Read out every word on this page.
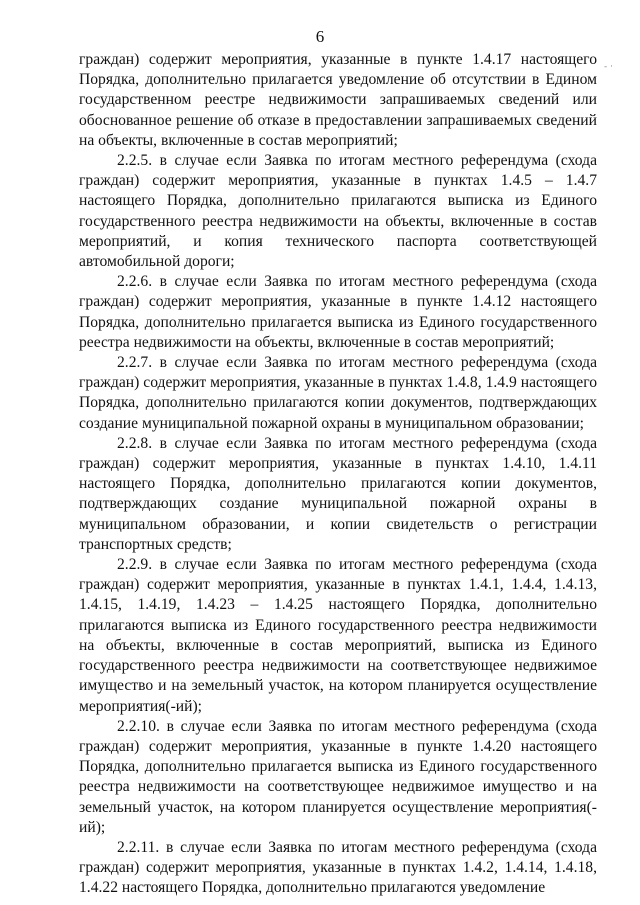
6
- ·

граждан) содержит мероприятия, указанные в пункте 1.4.17 настоящего Порядка, дополнительно прилагается уведомление об отсутствии в Едином государственном реестре недвижимости запрашиваемых сведений или обоснованное решение об отказе в предоставлении запрашиваемых сведений на объекты, включенные в состав мероприятий;

2.2.5. в случае если Заявка по итогам местного референдума (схода граждан) содержит мероприятия, указанные в пунктах 1.4.5 – 1.4.7 настоящего Порядка, дополнительно прилагаются выписка из Единого государственного реестра недвижимости на объекты, включенные в состав мероприятий, и копия технического паспорта соответствующей автомобильной дороги;

2.2.6. в случае если Заявка по итогам местного референдума (схода граждан) содержит мероприятия, указанные в пункте 1.4.12 настоящего Порядка, дополнительно прилагается выписка из Единого государственного реестра недвижимости на объекты, включенные в состав мероприятий;

2.2.7. в случае если Заявка по итогам местного референдума (схода граждан) содержит мероприятия, указанные в пунктах 1.4.8, 1.4.9 настоящего Порядка, дополнительно прилагаются копии документов, подтверждающих создание муниципальной пожарной охраны в муниципальном образовании;

2.2.8. в случае если Заявка по итогам местного референдума (схода граждан) содержит мероприятия, указанные в пунктах 1.4.10, 1.4.11 настоящего Порядка, дополнительно прилагаются копии документов, подтверждающих создание муниципальной пожарной охраны в муниципальном образовании, и копии свидетельств о регистрации транспортных средств;

2.2.9. в случае если Заявка по итогам местного референдума (схода граждан) содержит мероприятия, указанные в пунктах 1.4.1, 1.4.4, 1.4.13, 1.4.15, 1.4.19, 1.4.23 – 1.4.25 настоящего Порядка, дополнительно прилагаются выписка из Единого государственного реестра недвижимости на объекты, включенные в состав мероприятий, выписка из Единого государственного реестра недвижимости на соответствующее недвижимое имущество и на земельный участок, на котором планируется осуществление мероприятия(-ий);

2.2.10. в случае если Заявка по итогам местного референдума (схода граждан) содержит мероприятия, указанные в пункте 1.4.20 настоящего Порядка, дополнительно прилагается выписка из Единого государственного реестра недвижимости на соответствующее недвижимое имущество и на земельный участок, на котором планируется осуществление мероприятия(-ий);

2.2.11. в случае если Заявка по итогам местного референдума (схода граждан) содержит мероприятия, указанные в пунктах 1.4.2, 1.4.14, 1.4.18, 1.4.22 настоящего Порядка, дополнительно прилагаются уведомление
